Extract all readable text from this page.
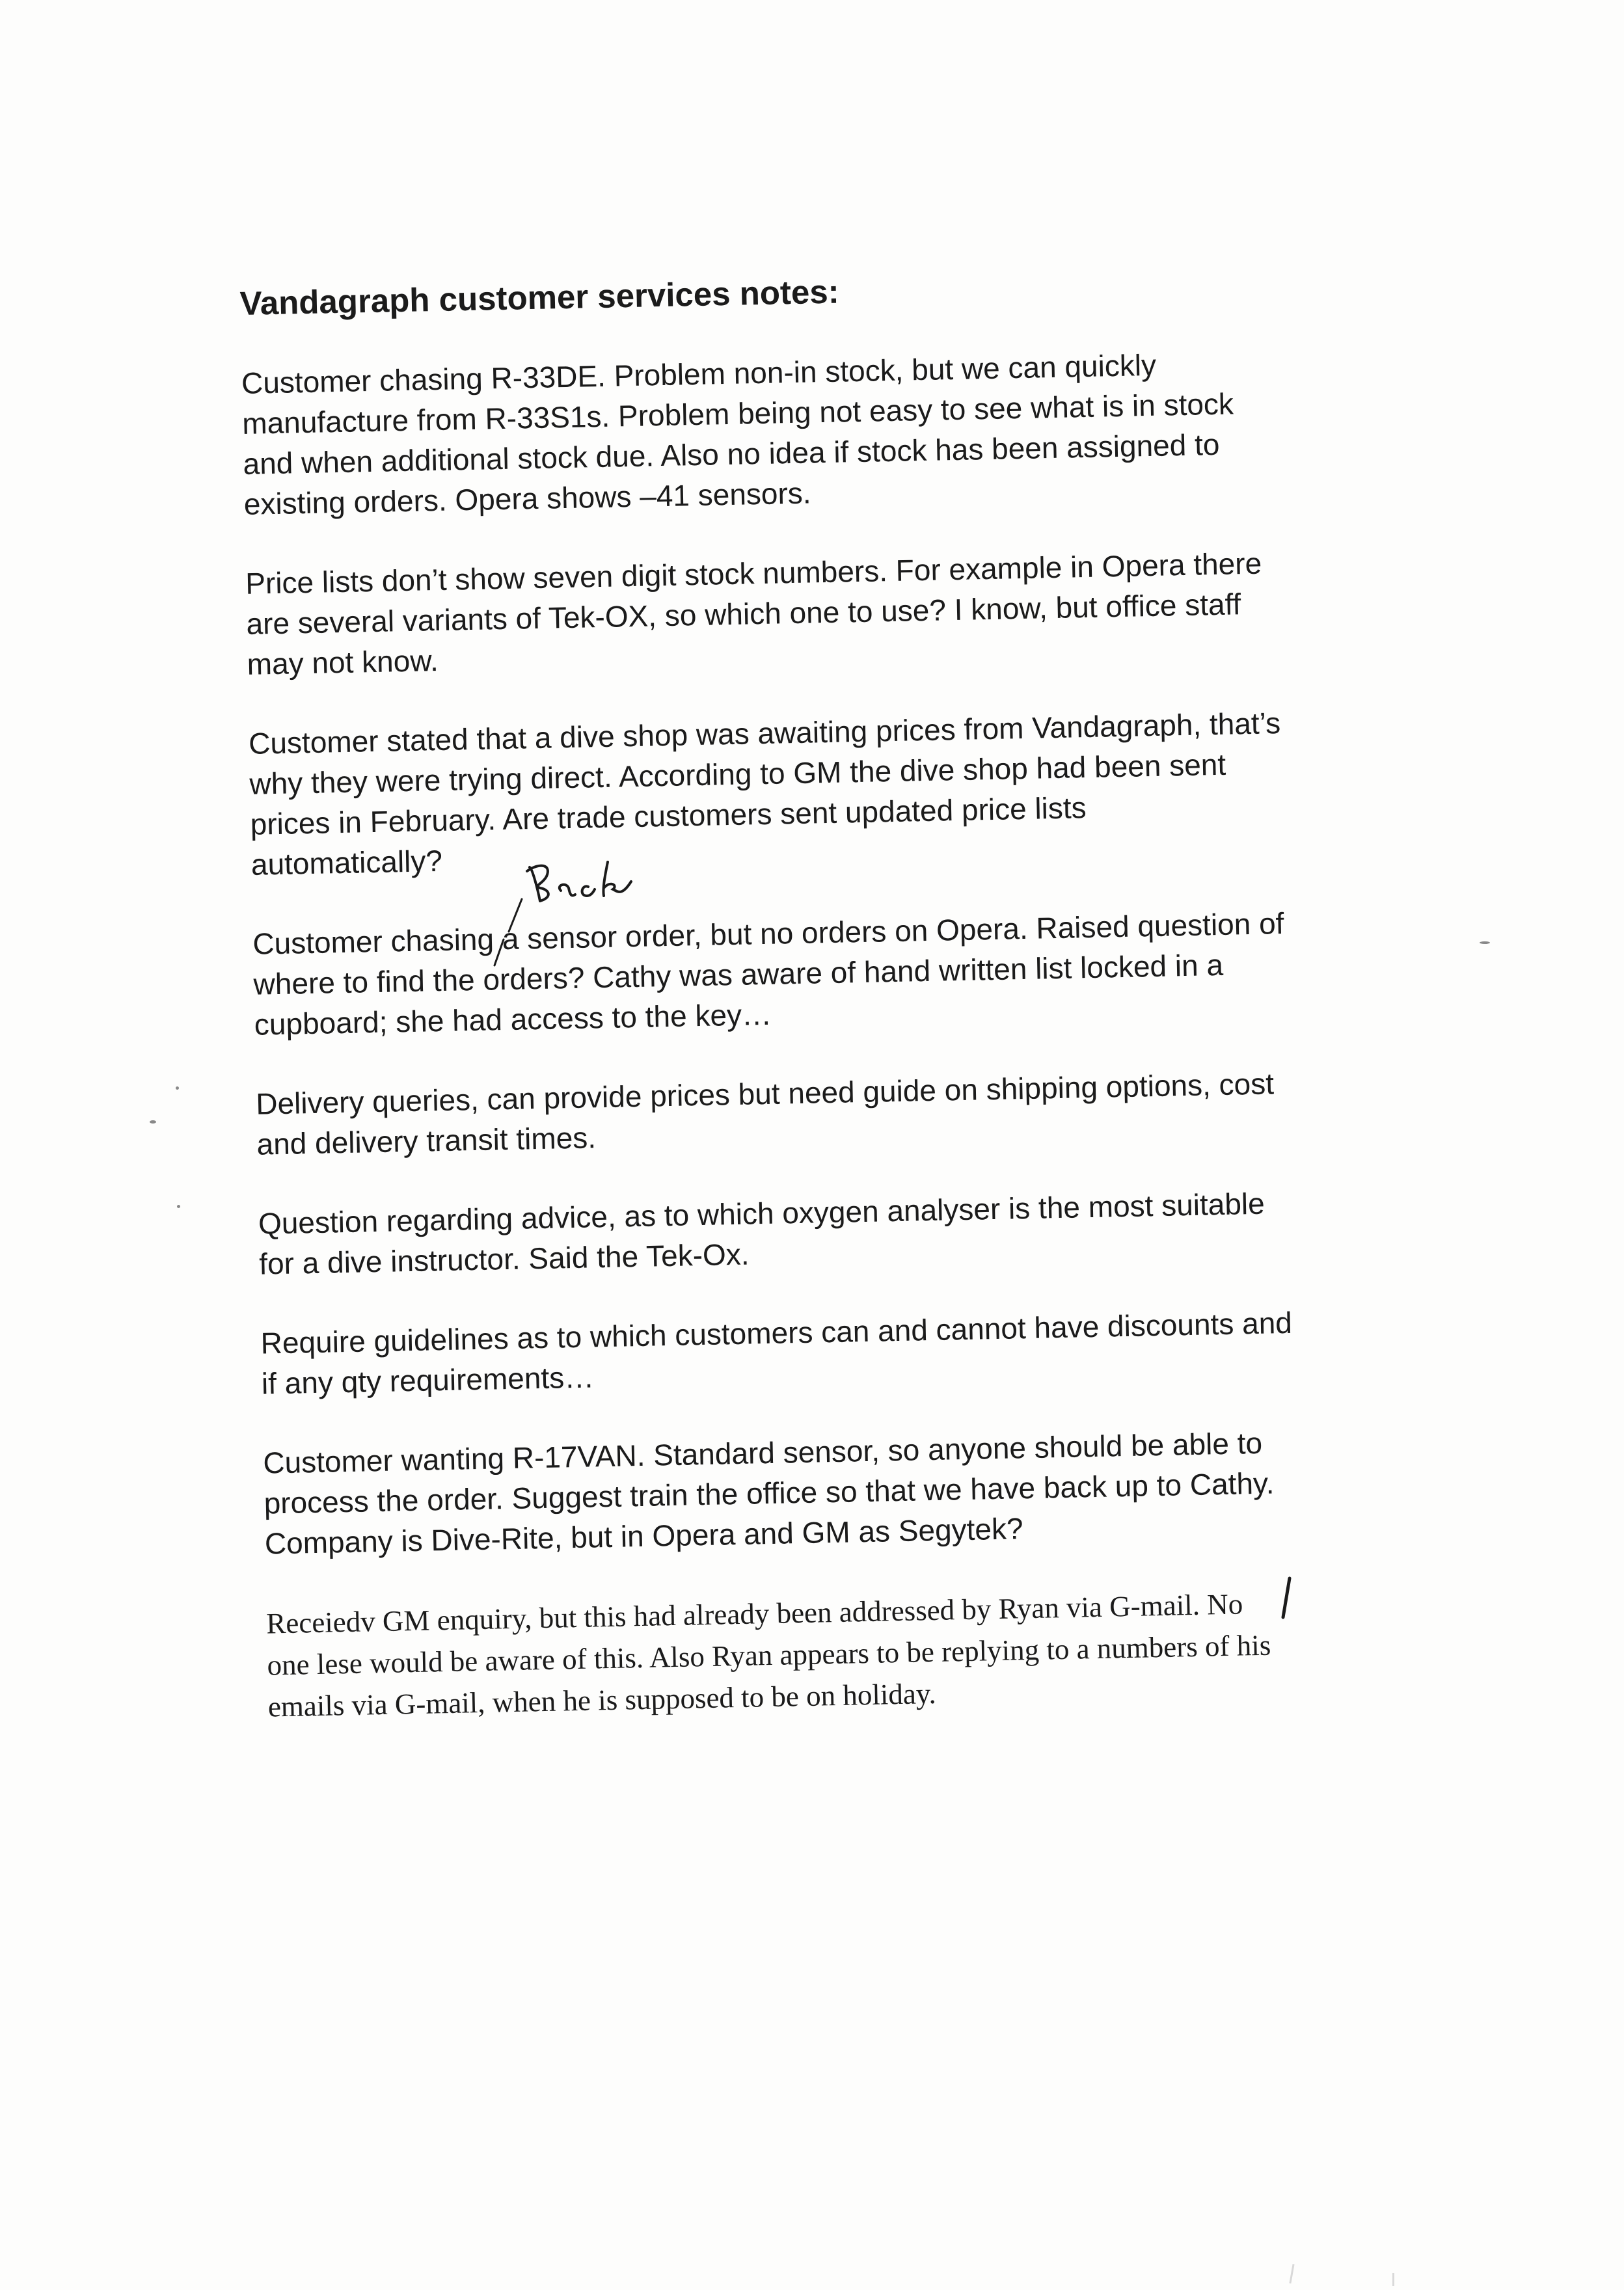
Vandagraph customer services notes:
Customer chasing R-33DE. Problem non-in stock, but we can quickly
manufacture from R-33S1s. Problem being not easy to see what is in stock
and when additional stock due. Also no idea if stock has been assigned to
existing orders. Opera shows –41 sensors.
Price lists don’t show seven digit stock numbers. For example in Opera there
are several variants of Tek-OX, so which one to use? I know, but office staff
may not know.
Customer stated that a dive shop was awaiting prices from Vandagraph, that’s
why they were trying direct. According to GM the dive shop had been sent
prices in February. Are trade customers sent updated price lists
automatically?
Customer chasing a sensor order, but no orders on Opera. Raised question of
where to find the orders? Cathy was aware of hand written list locked in a
cupboard; she had access to the key…
Delivery queries, can provide prices but need guide on shipping options, cost
and delivery transit times.
Question regarding advice, as to which oxygen analyser is the most suitable
for a dive instructor. Said the Tek-Ox.
Require guidelines as to which customers can and cannot have discounts and
if any qty requirements…
Customer wanting R-17VAN. Standard sensor, so anyone should be able to
process the order. Suggest train the office so that we have back up to Cathy.
Company is Dive-Rite, but in Opera and GM as Segytek?
Receiedv GM enquiry, but this had already been addressed by Ryan via G-mail. No
one lese would be aware of this. Also Ryan appears to be replying to a numbers of his
emails via G-mail, when he is supposed to be on holiday.
